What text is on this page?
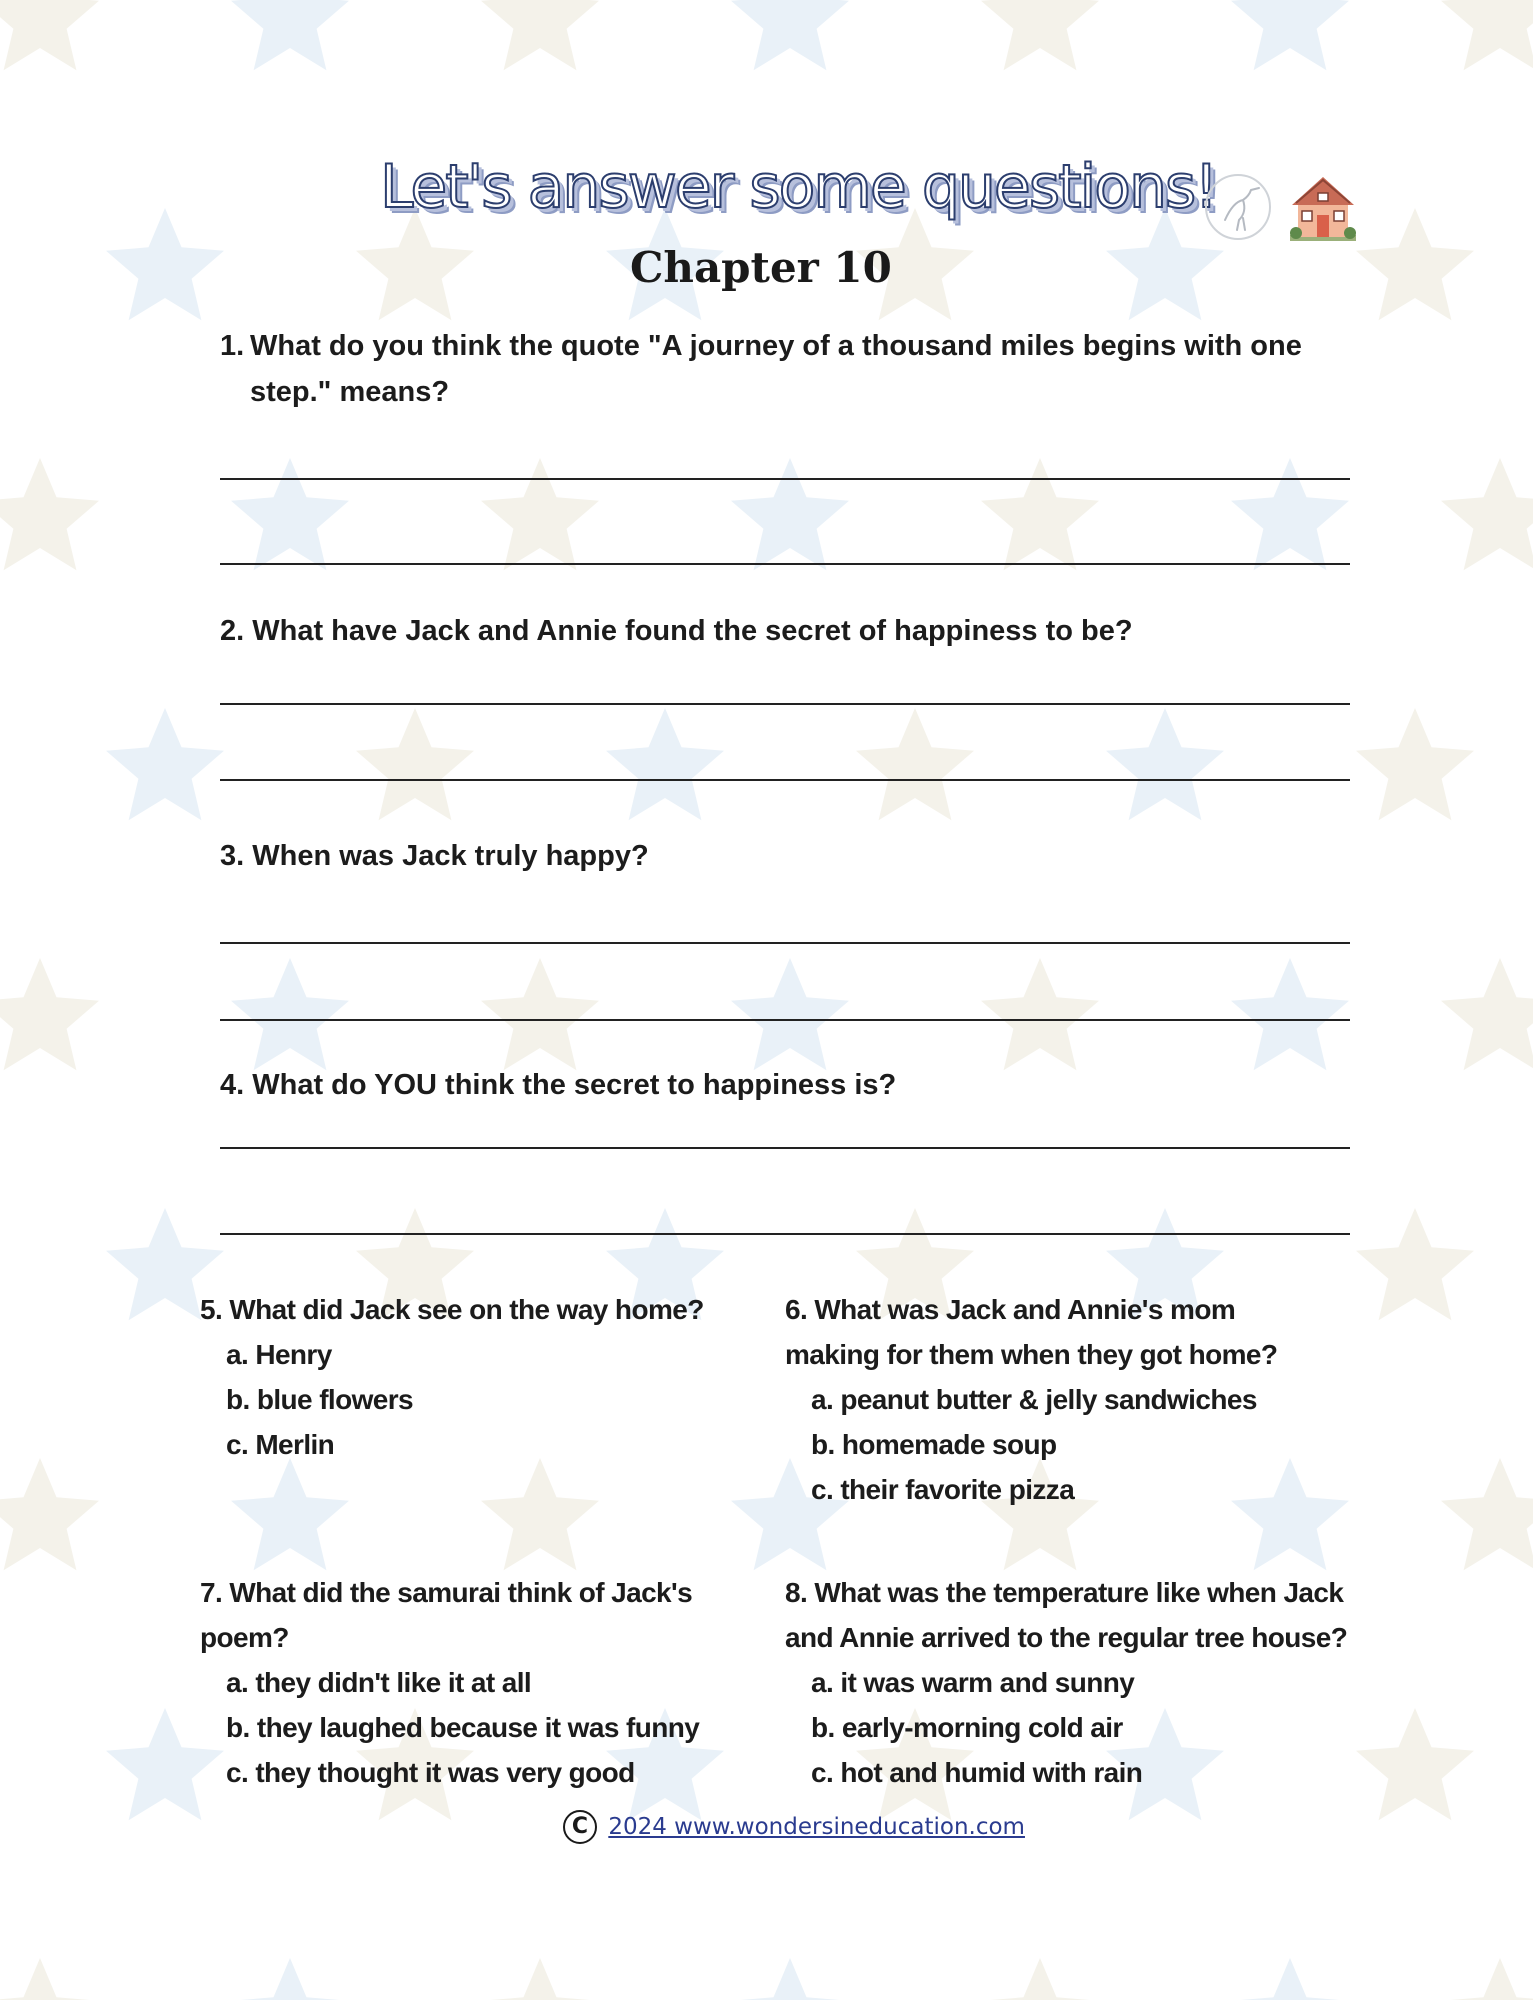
Let's answer some questions!
Chapter 10
1. What do you think the quote "A journey of a thousand miles begins with one step." means?
2. What have Jack and Annie found the secret of happiness to be?
3. When was Jack truly happy?
4. What do YOU think the secret to happiness is?
5. What did Jack see on the way home?
a. Henry
b. blue flowers
c. Merlin
6. What was Jack and Annie's mom
making for them when they got home?
a. peanut butter & jelly sandwiches
b. homemade soup
c. their favorite pizza
7. What did the samurai think of Jack's
poem?
a. they didn't like it at all
b. they laughed because it was funny
c. they thought it was very good
8. What was the temperature like when Jack
and Annie arrived to the regular tree house?
a. it was warm and sunny
b. early-morning cold air
c. hot and humid with rain
C 2024 www.wondersineducation.com
